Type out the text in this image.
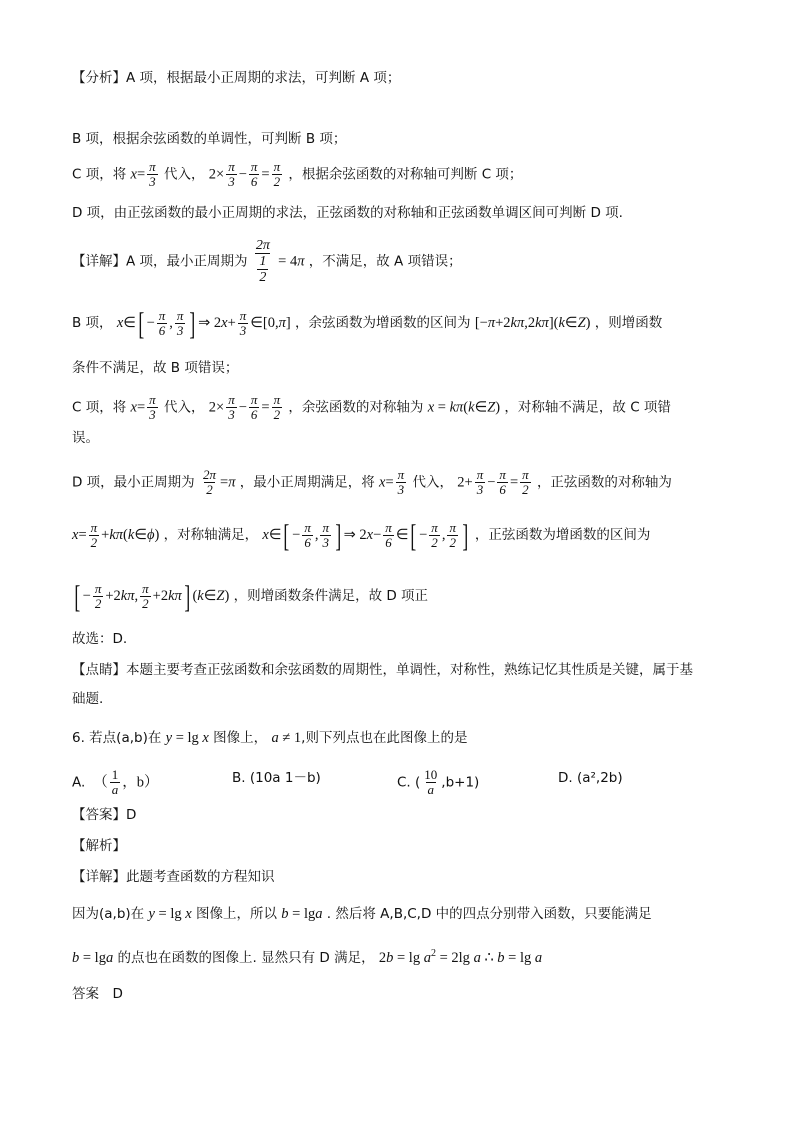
【分析】A 项，根据最小正周期的求法，可判断 A 项；
B 项，根据余弦函数的单调性，可判断 B 项；
C 项，将 $x= \frac{\pi}{3}$ 代入， $2\times \frac{\pi}{3} - \frac{\pi}{6} = \frac{\pi}{2}$ ，根据余弦函数的对称轴可判断 C 项；
D 项，由正弦函数的最小正周期的求法，正弦函数的对称轴和正弦函数单调区间可判断 D 项.
【详解】A 项，最小正周期为 2π
1
2 = 4π ，不满足，故 A 项错误；
B 项， x∈[ − $\frac{\pi}{6}$ , $\frac{\pi}{3}$ ] ⇒ $2x+ \frac{\pi}{3}$ ∈[0,π] ，余弦函数为增函数的区间为 [−π+2kπ,2kπ](k∈Z) ，则增函数
条件不满足，故 B 项错误；
C 项，将 $x= \frac{\pi}{3}$ 代入， $2\times \frac{\pi}{3} - \frac{\pi}{6} = \frac{\pi}{2}$ ，余弦函数的对称轴为 x = kπ(k∈Z) ，对称轴不满足，故 C 项错
误。
D 项，最小正周期为 $\frac{2\pi}{2} =\pi$ ，最小正周期满足，将 $x= \frac{\pi}{3}$ 代入， $2+ \frac{\pi}{3} - \frac{\pi}{6} = \frac{\pi}{2}$ ，正弦函数的对称轴为
$x= \frac{\pi}{2}$ +kπ(k∈ϕ) ，对称轴满足， x∈[ − $\frac{\pi}{6}$ , $\frac{\pi}{3}$ ] ⇒ $2x- \frac{\pi}{6}$ ∈[ − $\frac{\pi}{2}$ , $\frac{\pi}{2}$ ] ，正弦函数为增函数的区间为
[ − $\frac{\pi}{2} +2k\pi$, $\frac{\pi}{2} +2k\pi$] (k∈Z) ，则增函数条件满足，故 D 项正
故选：D.
【点睛】本题主要考查正弦函数和余弦函数的周期性，单调性，对称性，熟练记忆其性质是关键，属于基
础题.
6. 若点(a,b)在 y = lg x 图像上， a ≠ 1,则下列点也在此图像上的是
A.  （ $\frac{1}{a}$ ，b）	B. (10a 1－b)	C. ( $\frac{10}{a} ,b+1$)	D. (a²,2b)
【答案】D
【解析】
【详解】此题考查函数的方程知识
因为(a,b)在 y = lg x 图像上，所以 b = lga . 然后将 A,B,C,D 中的四点分别带入函数，只要能满足
b = lga 的点也在函数的图像上. 显然只有 D 满足， $2b = \lg a^2 = 2\lg$ a ∴ b = lg a
答案　D
